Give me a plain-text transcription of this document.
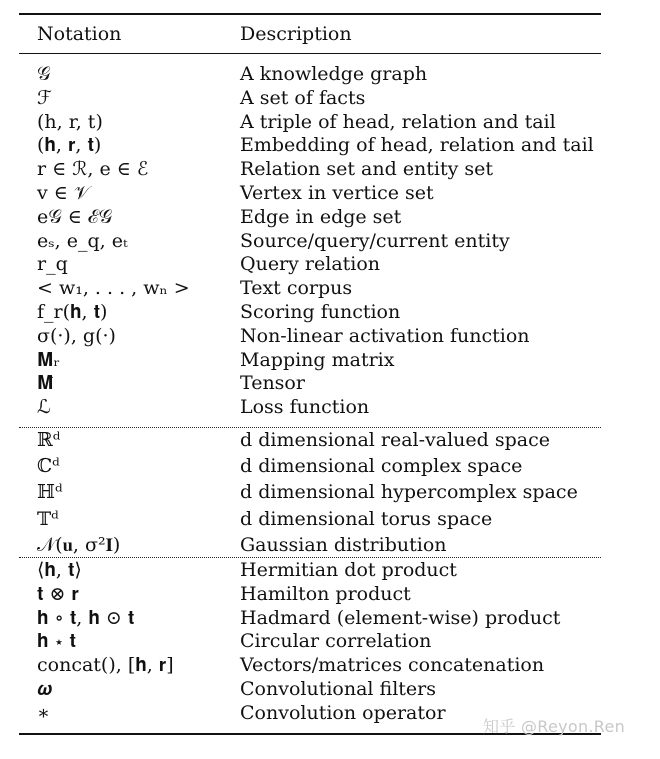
Notation	Description
𝒢	A knowledge graph
ℱ	A set of facts
(h, r, t)	A triple of head, relation and tail
(𝐡, 𝐫, 𝐭)	Embedding of head, relation and tail
r ∈ ℛ, e ∈ ℰ	Relation set and entity set
v ∈ 𝒱	Vertex in vertice set
e𝒢 ∈ ℰ𝒢	Edge in edge set
eₛ, e_q, eₜ	Source/query/current entity
r_q	Query relation
< w₁, . . . , wₙ >	Text corpus
f_r(𝐡, 𝐭)	Scoring function
σ(·), g(·)	Non-linear activation function
𝐌ᵣ	Mapping matrix
𝐌̂	Tensor
ℒ	Loss function
ℝᵈ	d dimensional real-valued space
ℂᵈ	d dimensional complex space
ℍᵈ	d dimensional hypercomplex space
𝕋ᵈ	d dimensional torus space
𝒩(𝐮, σ²𝐈)	Gaussian distribution
⟨𝐡, 𝐭⟩	Hermitian dot product
𝐭 ⊗ 𝐫	Hamilton product
𝐡 ∘ 𝐭, 𝐡 ⊙ 𝐭	Hadmard (element-wise) product
𝐡 ⋆ 𝐭	Circular correlation
concat(), [𝐡, 𝐫]	Vectors/matrices concatenation
𝝎	Convolutional filters
∗	Convolution operator
知乎 @Reyon.Ren
